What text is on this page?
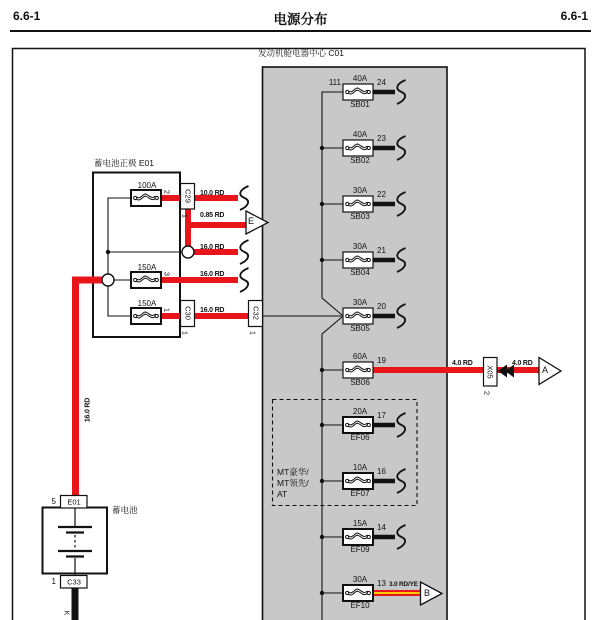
6.6-1	电源分布	6.6-1
发动机舱电器中心 C01
111	40A	24
SB01
40A	23
SB02
30A	22
SB03
30A	21
SB04
30A	20
SB05
60A	19
SB06
20A	17
EF06
10A	16
EF07
15A	14
EF09
30A	13
EF10
3.0 RD/YE
MT豪华/
MT领先/
AT
蓄电池正极 E01
100A
2
150A
3
150A
1
C29
1
C30
1
C32
1
X05
2
E01
5
C33
1
蓄电池
K
10.0 RD
0.85 RD
16.0 RD
16.0 RD
16.0 RD
16.0 RD
4.0 RD	4.0 RD
E
A
B
